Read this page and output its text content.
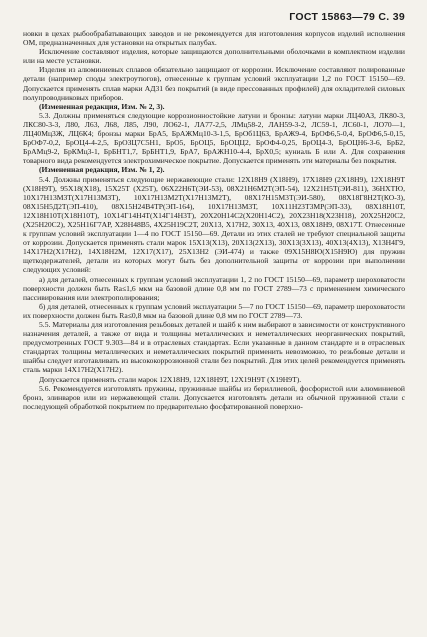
ГОСТ 15863—79 С. 39

новки в цехах рыбообрабатывающих заводов и не рекомендуется для изготовления корпусов изделий исполнения ОМ, предназначенных для установки на открытых палубах.

Исключение составляют изделия, которые защищаются дополнительными оболочками в комплектном изделии или на месте установки.

Изделия из алюминиевых сплавов обязательно защищают от коррозии. Исключение составляют полированные детали (например споды электроутюгов), отнесенные к группам условий эксплуатации 1,2 по ГОСТ 15150—69. Допускается применять сплав марки АД31 без покрытий (в виде прессованных профилей) для охладителей силовых полупроводниковых приборов.

(Измененная редакция, Изм. № 2, 3).

5.3. Должны применяться следующие коррозионностойкие латуни и бронзы: латуни марки ЛЦ40АЗ, ЛК80-3, ЛКС80-3-3, Л80, Л63, Л68, Л85, Л90, ЛО62-1, ЛА77-2,5, ЛМц58-2, ЛАН59-3-2, ЛС59-1, ЛС60-1, ЛО70—1, ЛЦ40Мц3Ж, ЛЦ6К4; бронзы марки БрА5, БрАЖМц10-3-1,5, БрОб1Ц63, БрАЖ9-4, БрОФ6,5-0,4, БрОФ6,5-0,15, БрОФ7-0,2, БрОЦ4-4-2,5, БрОЗЦ7С5Н1, БрО5, БрОЦ5, БрОЦЦ2, БрОФ4-0,25, БрОЦ4-3, БрОЦН6-3-6, БрБ2, БрАМц9-2, БрКМц3-1, БрБНТ1,7, БрБНТ1,9, БрА7, БрАЖН10-4-4, БрХ0,5; куниаль Б или А. Для сохранения товарного вида рекомендуется электрохимическое покрытие. Допускается применять эти материалы без покрытия.

(Измененная редакция, Изм. № 1, 2).

5.4. Должны применяться следующие нержавеющие стали: 12Х18Н9 (Х18Н9), 17Х18Н9 (2Х18Н9), 12Х18Н9Т (Х18Н9Т), 95Х18(Х18), 15Х25Т (Х25Т), 06Х22Н6Т(ЭИ-53), 08Х21Н6М2Т(ЭП-54), 12Х21Н5Т(ЭИ-811), 36НХТЮ, 10Х17Н13М3Т(Х17Н13М3Т), 10Х17Н13М2Т(Х17Н13М2Т), 08Х17Н15М3Т(ЭИ-580), 08Х18Г8Н2Т(КО-3), 08Х15Н5Д2Т(ЭП-410), 08Х15Н24В4ТР(ЭП-164), 10Х17Н13М3Т, 10Х11Н23Т3МР(ЭП-33), 08Х18Н10Т, 12Х18Н10Т(Х18Н10Т), 10Х14Г14Н4Т(Х14Г14Н3Т), 20Х20Н14С2(Х20Н14С2), 20Х23Н18(Х23Н18), 20Х25Н20С2, (Х25Н20С2), Х25Н16Г7АР, Х28Н48В5, 4Х25Н19С2Т, 20Х13, Х17Н2, 30Х13, 40Х13, 08Х18Н9, 08Х17Т. Отнесенные к группам условий эксплуатации 1—4 по ГОСТ 15150—69. Детали из этих сталей не требуют специальной защиты от коррозии. Допускается применять стали марок 15Х13(Х13), 20Х13(2Х13), 30Х13(3Х13), 40Х13(4Х13), Х13Н4Г9, 14Х17Н2(Х17Н2), 14Х18Н2М, 12Х17(Х17), 25Х13Н2 (ЭИ-474) и также 09Х15Н8Ю(Х15Н9Ю) для пружин щеткодержателей, детали из которых могут быть без дополнительной защиты от коррозии при выполнении следующих условий:

а) для деталей, отнесенных к группам условий эксплуатации 1, 2 по ГОСТ 15150—69, параметр шероховатости поверхности должен быть Ra≤1,6 мкм на базовой длине 0,8 мм по ГОСТ 2789—73 с применением химического пассивирования или электрополирования;

б) для деталей, отнесенных к группам условий эксплуатации 5—7 по ГОСТ 15150—69, параметр шероховатости их поверхности должен быть Ra≤0,8 мкм на базовой длине 0,8 мм по ГОСТ 2789—73.

5.5. Материалы для изготовления резьбовых деталей и шайб к ним выбирают в зависимости от конструктивного назначения деталей, а также от вида и толщины металлических и неметаллических неорганических покрытий, предусмотренных ГОСТ 9.303—84 и в отраслевых стандартах. Если указанные в данном стандарте и в отраслевых стандартах толщины металлических и неметаллических покрытий применить невозможно, то резьбовые детали и шайбы следует изготавливать из высококоррозионной стали без покрытий. Для этих целей рекомендуется применять сталь марки 14Х17Н2(Х17Н2).

Допускается применять стали марок 12Х18Н9, 12Х18Н9Т, 12Х19Н9Т (Х19Н9Т).

5.6. Рекомендуется изготовлять пружины, пружинные шайбы из бериллиевой, фосфористой или алюминиевой бронз, элинваров или из нержавеющей стали. Допускается изготовлять детали из обычной пружинной стали с последующей обработкой покрытием по предварительно фосфатированной поверхно-
